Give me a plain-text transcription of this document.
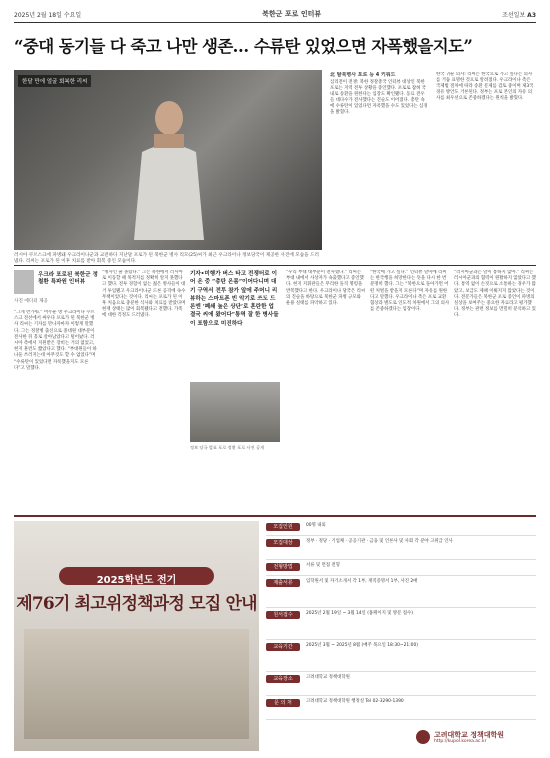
2025년 2월 18일 수요일	북한군 포로 인터뷰	조선일보 A3
“중대 동기들 다 죽고 나만 생존… 수류탄 있었으면 자폭했을지도”
한달 만에 얼굴 회복한 리씨
러시아 쿠르스크에 파병돼 우크라이나군과 교전하다 지난달 포로가 된 북한군 병사 리모(25)씨가 최근 우크라이나 정보당국이 제공한 사진에 모습을 드러냈다. 리씨는 포로가 된 이후 치료를 받아 회복 중인 모습이다.
北 탈북병사 포로 등 4 키워드
심리전이 전쟁: 북한 정찰총국 인터뷰 대상인 북한 포로는 지역 전투 상황을 증언했다. 포로로 잡혀 국내로 송환을 원한다는 입장도 확인됐다. 동료 전우들 대다수가 전사했다는 진술도 이어졌다. 총탄 속에 수류탄이 있었다면 자폭했을 수도 있었다는 심경을 밝혔다.
한국 귀순 의사: 리씨는 한국으로 가고 싶다는 의사를 거듭 표명한 것으로 알려졌다. 우크라이나 측은 국제법 절차에 따라 송환 문제를 검토 중이며 제3국 경유 방안도 거론된다. 정부는 포로 본인의 자유 의사를 최우선으로 존중하겠다는 원칙을 밝혔다.
우크라 포로된 북한군 정철환 특파원 인터뷰
사진 에디터 제공
“그게 반가워.” 어두운 방 우크라이나 쿠르스크 전선에서 싸우다 포로가 된 북한군 병사 리씨는 기자를 만나자마자 이렇게 말했다. 그는 정찰병 출신으로 중대원 대부분이 전사한 뒤 홀로 살아남았다고 털어놨다. 러시아 측에서 지원받은 장비는 거의 없었고, 현지 훈련도 짧았다고 했다. “부대원들이 하나둘 쓰러지는데 아무것도 할 수 없었다”며 “수류탄이 있었다면 자폭했을지도 모른다”고 말했다.
“병사인 줄 몰랐다.” 그는 북한에서 러시아로 이동할 때 목적지를 정확히 알지 못했다고 했다. 전투 경험이 없는 젊은 병사들이 대거 투입됐고 우크라이나군 드론 공격에 속수무책이었다는 것이다. 리씨는 포로가 된 이후 처음으로 충분한 식사와 치료를 받았다며 현재 상태는 많이 회복됐다고 전했다. 가족에 대한 걱정도 드러냈다.
기자•미행가 버스 타고 전쟁터로 이어 온 중 “총탄 온몸”이어다니며 대기 구역서 전투 참가 앞에 주머니 리뷰하는 스마트폰 빈 악기로 쓰도 드론엔 ‘폐쇄 높은 상단’로 혼란한 업 결국 씨에 왔어다”통역 잘 한 병사들 이 포함으로 미진하다
정보 당국 발표 포로 정황 포로 사진 공개
“우리 부대 대부분이 전사했다.” 리씨는 부대 내에서 사상자가 속출했다고 증언했다. 현지 지휘관들은 무리한 돌격 명령을 반복했다고 한다. 우크라이나 당국은 리씨의 진술을 바탕으로 북한군 파병 규모와 운용 실태를 파악하고 있다.
“한국에 가고 싶다.” 인터뷰 말미에 리씨는 한국행을 희망한다는 뜻을 다시 한 번 분명히 했다. 그는 “북한으로 돌아가면 어떤 처벌을 받을지 모른다”며 자유를 원한다고 말했다. 우크라이나 측은 포로 교환 협상과 별도로 인도적 차원에서 그의 의사를 존중하겠다는 입장이다.
“러시아군과는 말이 통하지 않아.” 리씨는 러시아군과의 협력이 원활하지 않았다고 했다. 통역 없이 손짓으로 소통하는 경우가 많았고, 보급도 제때 이뤄지지 않았다는 것이다. 전문가들은 북한군 포로 증언이 파병의 실상을 보여주는 중요한 자료라고 평가했다. 정부는 관련 정보를 면밀히 분석하고 있다.
2025학년도 전기
제76기 최고위정책과정 모집 안내
모집인원	00명 내외
모집대상	정부 · 정당 · 기업체 · 공공기관 · 금융 및 언론사 및 사회 각 분야 고위급 인사
전형방법	서류 및 면접 전형
제출서류	입학원서 및 자기소개서 각 1부, 재직증명서 1부, 사진 2매
원서접수	2025년 2월 19일 ~ 3월 14일 (홈페이지 및 방문 접수)
교육기간	2025년 3월 ~ 2025년 8월 (매주 목요일 18:30~21:00)
교육장소	고려대학교 정책대학원
문 의 처	고려대학교 정책대학원 행정실 Tel 02-3290-1390
고려대학교 정책대학원
http://kupol.korea.ac.kr
